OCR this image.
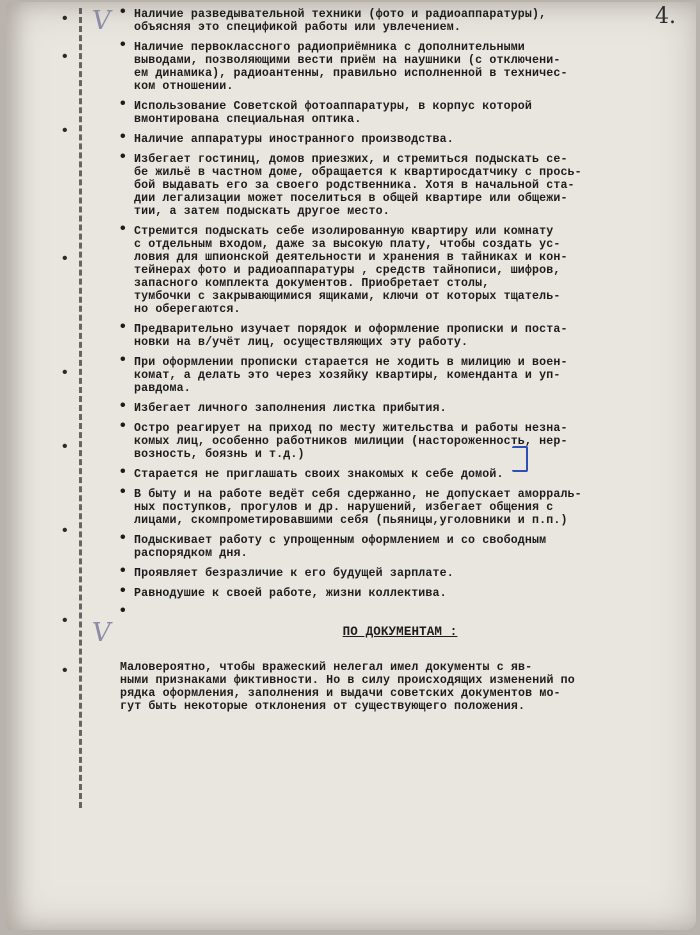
4.
V
V
•
•
•
•
•
•
•
•
•
• Наличие разведывательной техники (фото и радиоаппаратуры),
объясняя это спецификой работы или увлечением.
• Наличие первоклассного радиоприёмника с дополнительными
выводами, позволяющими вести приём на наушники (с отключени-
ем динамика), радиоантенны, правильно исполненной в техничес-
ком отношении.
• Использование Советской фотоаппаратуры, в корпус которой
вмонтирована специальная оптика.
• Наличие аппаратуры иностранного производства.
• Избегает гостиниц, домов приезжих, и стремиться подыскать се-
бе жильё в частном доме, обращается к квартиросдатчику с прось-
бой выдавать его за своего родственника. Хотя в начальной ста-
дии легализации может поселиться в общей квартире или общежи-
тии, а затем подыскать другое место.
• Стремится подыскать себе изолированную квартиру или комнату
с отдельным входом, даже за высокую плату, чтобы создать ус-
ловия для шпионской деятельности и хранения в тайниках и кон-
тейнерах фото и радиоаппаратуры , средств тайнописи, шифров,
запасного комплекта документов. Приобретает столы,
тумбочки с закрывающимися ящиками, ключи от которых тщатель-
но оберегаются.
• Предварительно изучает порядок и оформление прописки и поста-
новки на в/учёт лиц, осуществляющих эту работу.
• При оформлении прописки старается не ходить в милицию и воен-
комат, а делать это через хозяйку квартиры, коменданта и уп-
равдома.
• Избегает личного заполнения листка прибытия.
• Остро реагирует на приход по месту жительства и работы незна-
комых лиц, особенно работников милиции (настороженность, нер-
возность, боязнь и т.д.)
• Старается не приглашать своих знакомых к себе домой.
• В быту и на работе ведёт себя сдержанно, не допускает аморраль-
ных поступков, прогулов и др. нарушений, избегает общения с
лицами, скомпрометировавшими себя (пьяницы,уголовники и п.п.)
• Подыскивает работу с упрощенным оформлением и со свободным
распорядком дня.
• Проявляет безразличие к его будущей зарплате.
• Равнодушие к своей работе, жизни коллектива.
ПО ДОКУМЕНТАМ :
Маловероятно, чтобы вражеский нелегал имел документы с яв-
ными признаками фиктивности. Но в силу происходящих изменений по
рядка оформления, заполнения и выдачи советских документов мо-
гут быть некоторые отклонения от существующего положения.
